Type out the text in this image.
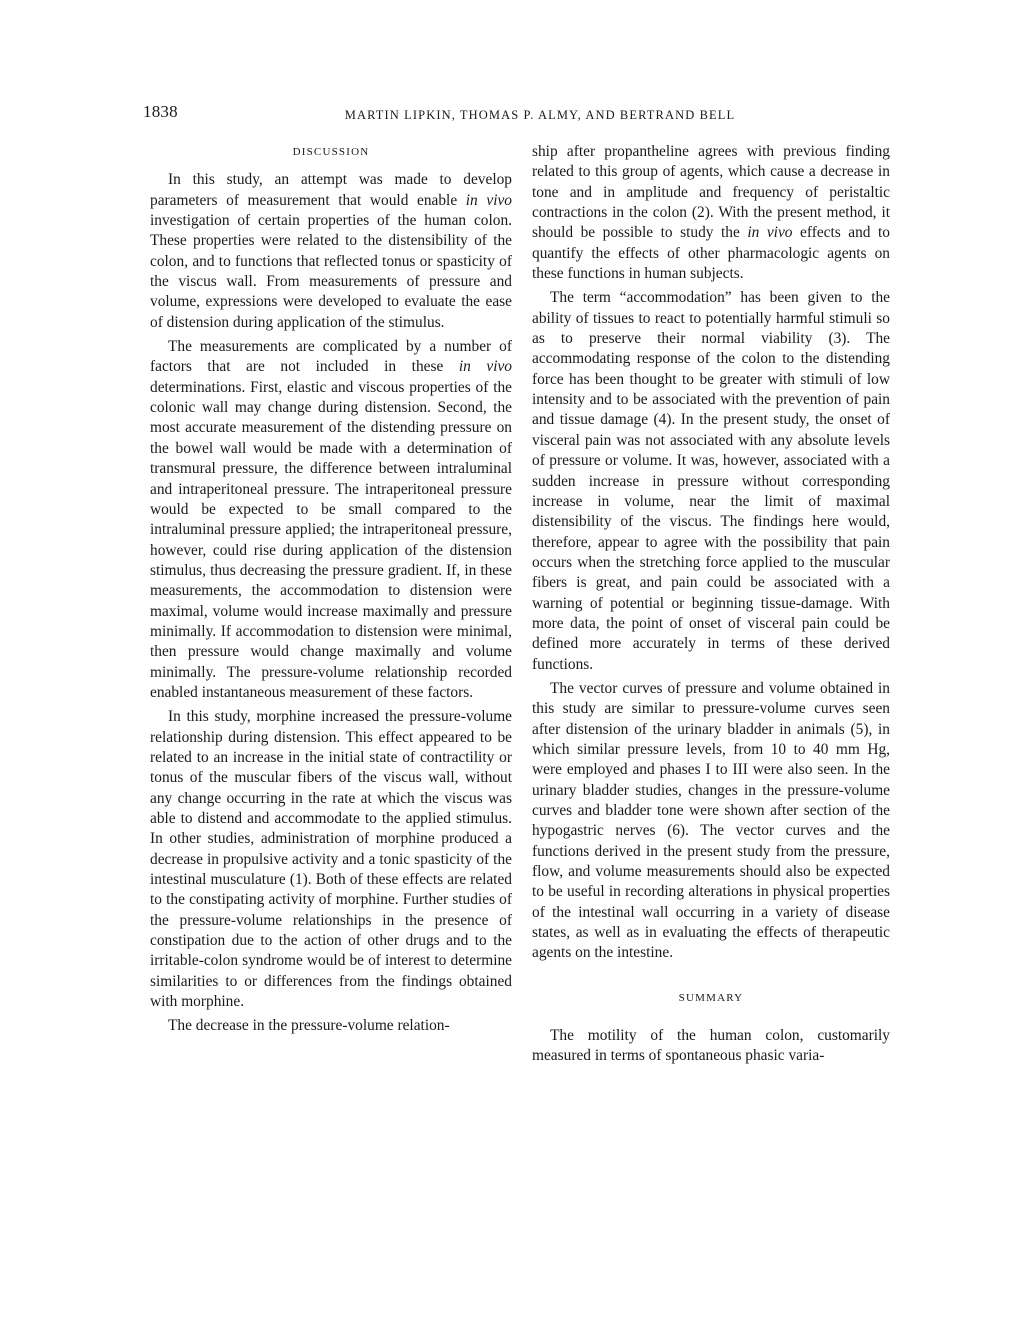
1838	MARTIN LIPKIN, THOMAS P. ALMY, AND BERTRAND BELL
DISCUSSION

In this study, an attempt was made to develop parameters of measurement that would enable in vivo investigation of certain properties of the human colon. These properties were related to the distensibility of the colon, and to functions that reflected tonus or spasticity of the viscus wall. From measurements of pressure and volume, expressions were developed to evaluate the ease of distension during application of the stimulus.

The measurements are complicated by a number of factors that are not included in these in vivo determinations. First, elastic and viscous properties of the colonic wall may change during distension. Second, the most accurate measurement of the distending pressure on the bowel wall would be made with a determination of transmural pressure, the difference between intraluminal and intraperitoneal pressure. The intraperitoneal pressure would be expected to be small compared to the intraluminal pressure applied; the intraperitoneal pressure, however, could rise during application of the distension stimulus, thus decreasing the pressure gradient. If, in these measurements, the accommodation to distension were maximal, volume would increase maximally and pressure minimally. If accommodation to distension were minimal, then pressure would change maximally and volume minimally. The pressure-volume relationship recorded enabled instantaneous measurement of these factors.

In this study, morphine increased the pressure-volume relationship during distension. This effect appeared to be related to an increase in the initial state of contractility or tonus of the muscular fibers of the viscus wall, without any change occurring in the rate at which the viscus was able to distend and accommodate to the applied stimulus. In other studies, administration of morphine produced a decrease in propulsive activity and a tonic spasticity of the intestinal musculature (1). Both of these effects are related to the constipating activity of morphine. Further studies of the pressure-volume relationships in the presence of constipation due to the action of other drugs and to the irritable-colon syndrome would be of interest to determine similarities to or differences from the findings obtained with morphine.

The decrease in the pressure-volume relation-

ship after propantheline agrees with previous finding related to this group of agents, which cause a decrease in tone and in amplitude and frequency of peristaltic contractions in the colon (2). With the present method, it should be possible to study the in vivo effects and to quantify the effects of other pharmacologic agents on these functions in human subjects.

The term “accommodation” has been given to the ability of tissues to react to potentially harmful stimuli so as to preserve their normal viability (3). The accommodating response of the colon to the distending force has been thought to be greater with stimuli of low intensity and to be associated with the prevention of pain and tissue damage (4). In the present study, the onset of visceral pain was not associated with any absolute levels of pressure or volume. It was, however, associated with a sudden increase in pressure without corresponding increase in volume, near the limit of maximal distensibility of the viscus. The findings here would, therefore, appear to agree with the possibility that pain occurs when the stretching force applied to the muscular fibers is great, and pain could be associated with a warning of potential or beginning tissue-damage. With more data, the point of onset of visceral pain could be defined more accurately in terms of these derived functions.

The vector curves of pressure and volume obtained in this study are similar to pressure-volume curves seen after distension of the urinary bladder in animals (5), in which similar pressure levels, from 10 to 40 mm Hg, were employed and phases I to III were also seen. In the urinary bladder studies, changes in the pressure-volume curves and bladder tone were shown after section of the hypogastric nerves (6). The vector curves and the functions derived in the present study from the pressure, flow, and volume measurements should also be expected to be useful in recording alterations in physical properties of the intestinal wall occurring in a variety of disease states, as well as in evaluating the effects of therapeutic agents on the intestine.

SUMMARY

The motility of the human colon, customarily measured in terms of spontaneous phasic varia-
